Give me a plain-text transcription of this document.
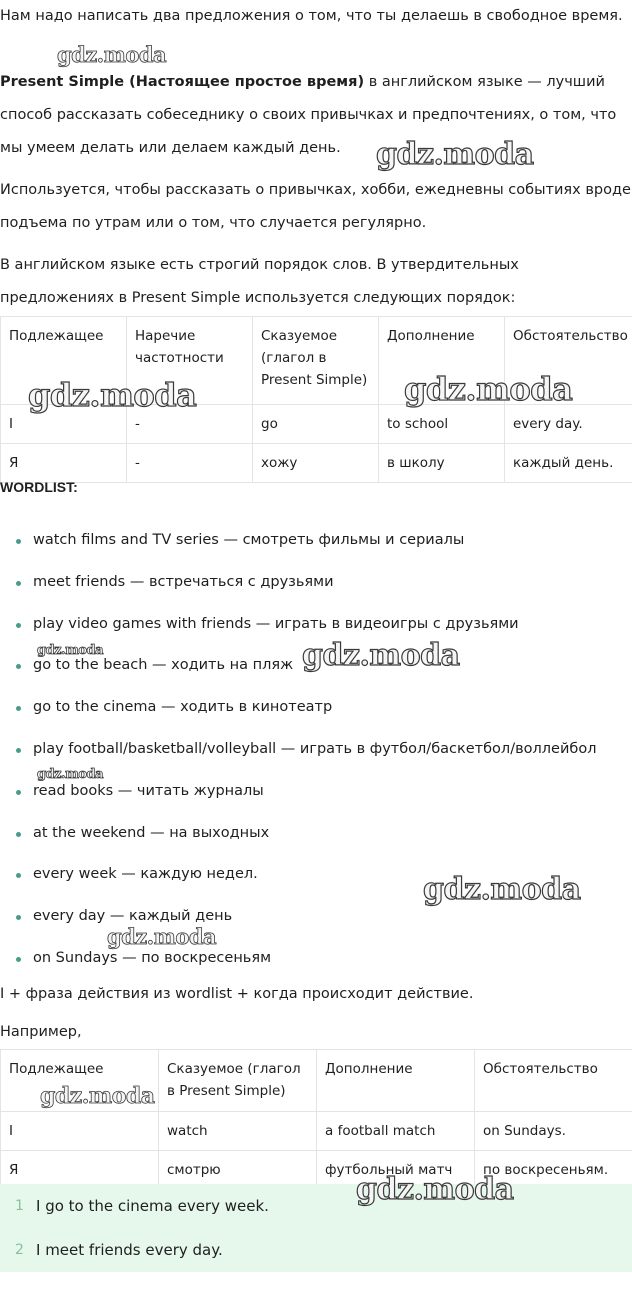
Нам надо написать два предложения о том, что ты делаешь в свободное время.

Present Simple (Настоящее простое время) в английском языке — лучший способ рассказать собеседнику о своих привычках и предпочтениях, о том, что мы умеем делать или делаем каждый день.

Используется, чтобы рассказать о привычках, хобби, ежедневны событиях вроде подъема по утрам или о том, что случается регулярно.

В английском языке есть строгий порядок слов. В утвердительных предложениях в Present Simple используется следующих порядок:

Подлежащее	Наречие частотности	Сказуемое (глагол в Present Simple)	Дополнение	Обстоятельство
I	-	go	to school	every day.
Я	-	хожу	в школу	каждый день.
WORDLIST:
watch films and TV series — смотреть фильмы и сериалы
meet friends — встречаться с друзьями
play video games with friends — играть в видеоигры с друзьями
go to the beach — ходить на пляж
go to the cinema — ходить в кинотеатр
play football/basketball/volleyball — играть в футбол/баскетбол/воллейбол
read books — читать журналы
at the weekend — на выходных
every week — каждую недел.
every day — каждый день
on Sundays — по воскресеньям

I + фраза действия из wordlist + когда происходит действие.

Например,

Подлежащее	Сказуемое (глагол в Present Simple)	Дополнение	Обстоятельство
I	watch	a football match	on Sundays.
Я	смотрю	футбольный матч	по воскресеньям.
1 I go to the cinema every week.
2 I meet friends every day.
gdz.moda
gdz.moda
gdz.moda	gdz.moda
gdz.moda	gdz.moda
gdz.moda
gdz.moda
gdz.moda
gdz.moda
gdz.moda
